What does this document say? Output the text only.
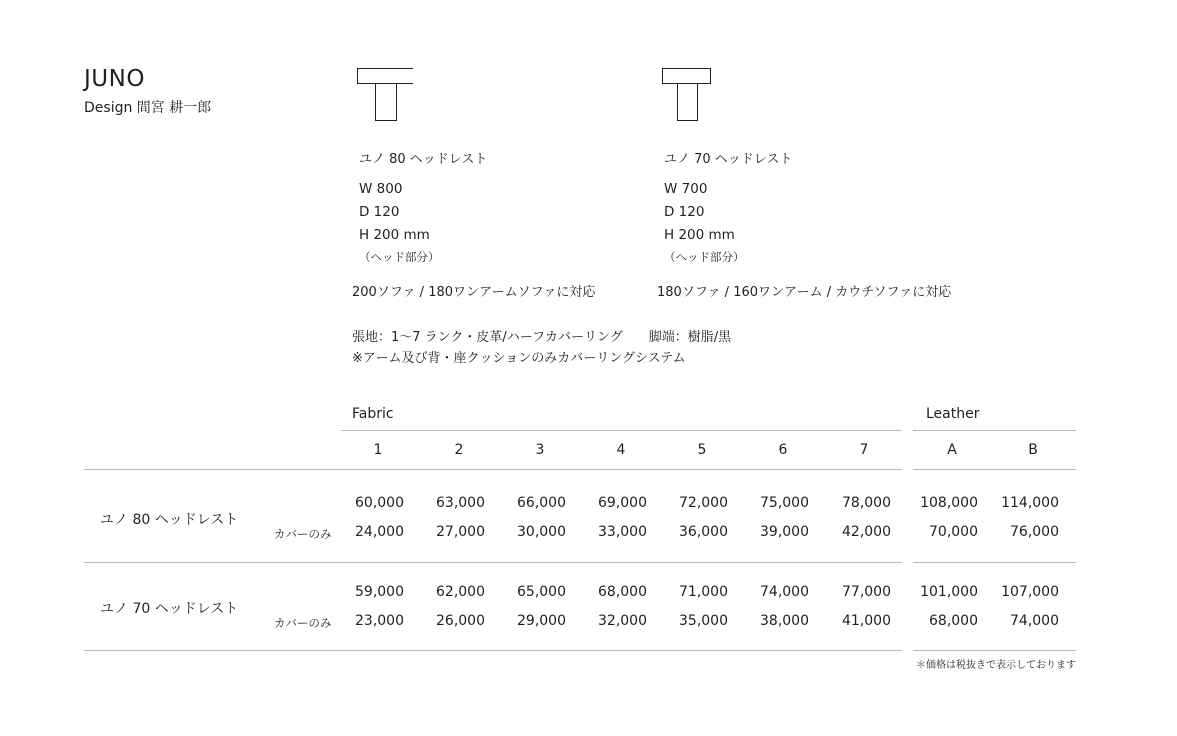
JUNO
Design 間宮 耕一郎
ユノ 80 ヘッドレスト
W 800
D 120
H 200 mm
（ヘッド部分）
200ソファ / 180ワンアームソファに対応
ユノ 70 ヘッドレスト
W 700
D 120
H 200 mm
（ヘッド部分）
180ソファ / 160ワンアーム / カウチソファに対応
張地：1〜7 ランク・皮革/ハーフカバーリング　　脚端：樹脂/黒
※アーム及び背・座クッションのみカバーリングシステム
Fabric	Leather
1	2	3	4	5	6	7	A	B
ユノ 80 ヘッドレスト
カバーのみ
60,000	63,000	66,000	69,000	72,000	75,000	78,000	108,000	114,000
24,000	27,000	30,000	33,000	36,000	39,000	42,000	70,000	76,000
ユノ 70 ヘッドレスト
カバーのみ
59,000	62,000	65,000	68,000	71,000	74,000	77,000	101,000	107,000
23,000	26,000	29,000	32,000	35,000	38,000	41,000	68,000	74,000
＊価格は税抜きで表示しております
